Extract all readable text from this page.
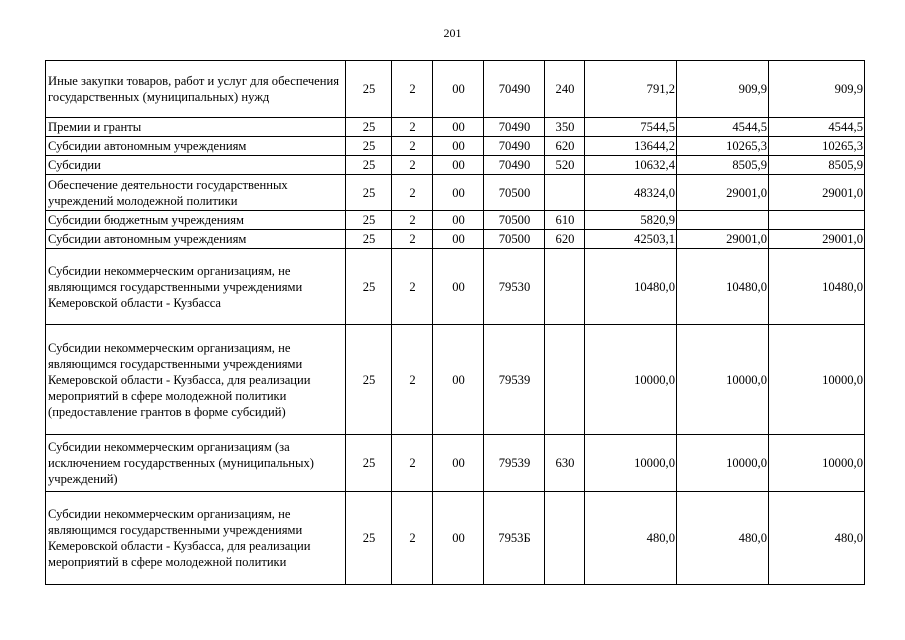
201
Иные закупки товаров, работ и услуг для обеспечения государственных (муниципальных) нужд	25	2	00	70490	240	791,2	909,9	909,9
Премии и гранты	25	2	00	70490	350	7544,5	4544,5	4544,5
Субсидии автономным учреждениям	25	2	00	70490	620	13644,2	10265,3	10265,3
Субсидии	25	2	00	70490	520	10632,4	8505,9	8505,9
Обеспечение деятельности государственных учреждений молодежной политики	25	2	00	70500		48324,0	29001,0	29001,0
Субсидии бюджетным учреждениям	25	2	00	70500	610	5820,9		
Субсидии автономным учреждениям	25	2	00	70500	620	42503,1	29001,0	29001,0
Субсидии некоммерческим организациям, не являющимся государственными учреждениями Кемеровской области - Кузбасса	25	2	00	79530		10480,0	10480,0	10480,0
Субсидии некоммерческим организациям, не являющимся государственными учреждениями Кемеровской области - Кузбасса, для реализации мероприятий в сфере молодежной политики (предоставление грантов в форме субсидий)	25	2	00	79539		10000,0	10000,0	10000,0
Субсидии некоммерческим организациям (за исключением государственных (муниципальных) учреждений)	25	2	00	79539	630	10000,0	10000,0	10000,0
Субсидии некоммерческим организациям, не являющимся государственными учреждениями Кемеровской области - Кузбасса, для реализации мероприятий в сфере молодежной политики	25	2	00	7953Б		480,0	480,0	480,0
